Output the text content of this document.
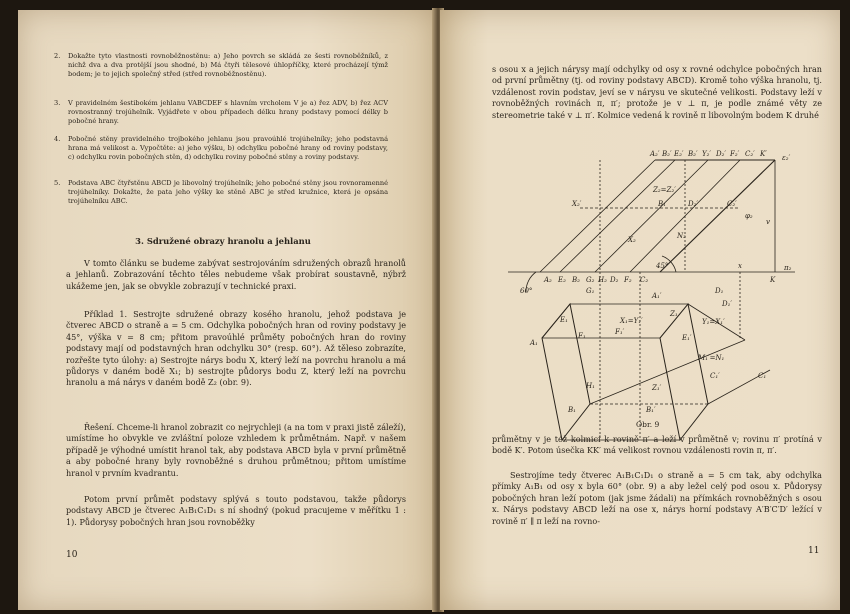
2. Dokažte tyto vlastnosti rovnoběžnostěnu: a) Jeho povrch se skládá ze šesti rovnoběžníků, z nichž dva a dva protější jsou shodné, b) Má čtyři tělesové úhlopříčky, které procházejí týmž bodem; je to jejich společný střed (střed rovnoběžnostěnu).
3. V pravidelném šestibokém jehlanu VABCDEF s hlavním vrcholem V je a) řez ADV, b) řez ACV rovnostranný trojúhelník. Vyjádřete v obou případech délku hrany podstavy pomocí délky b pobočné hrany.
4. Pobočné stěny pravidelného trojbokého jehlanu jsou pravoúhlé trojúhelníky; jeho podstavná hrana má velikost a. Vypočtěte: a) jeho výšku, b) odchylku pobočné hrany od roviny podstavy, c) odchylku rovin pobočných stěn, d) odchylku roviny pobočné stěny a roviny podstavy.
5. Podstava ABC čtyřstěnu ABCD je libovolný trojúhelník; jeho pobočné stěny jsou rovnoramenné trojúhelníky. Dokažte, že pata jeho výšky ke stěně ABC je střed kružnice, která je opsána trojúhelníku ABC.
3. Sdružené obrazy hranolu a jehlanu
V tomto článku se budeme zabývat sestrojováním sdružených obrazů hranolů a jehlanů. Zobrazování těchto těles nebudeme však probírat soustavně, nýbrž ukážeme jen, jak se obvykle zobrazují v technické praxi.
Příklad 1. Sestrojte sdružené obrazy kosého hranolu, jehož podstava je čtverec ABCD o straně a = 5 cm. Odchylka pobočných hran od roviny podstavy je 45°, výška v = 8 cm; přitom pravoúhlé průměty pobočných hran do roviny podstavy mají od podstavných hran odchylku 30° (resp. 60°). Až těleso zobrazíte, rozřešte tyto úlohy: a) Sestrojte nárys bodu X, který leží na povrchu hranolu a má půdorys v daném bodě X₁; b) sestrojte půdorys bodu Z, který leží na povrchu hranolu a má nárys v daném bodě Z₂ (obr. 9).
Řešení. Chceme-li hranol zobrazit co nejrychleji (a na tom v praxi jistě záleží), umístíme ho obvykle ve zvláštní poloze vzhledem k průmětnám. Např. v našem případě je výhodné umístit hranol tak, aby podstava ABCD byla v první průmětně a aby pobočné hrany byly rovnoběžné s druhou průmětnou; přitom umístíme hranol v prvním kvadrantu.
Potom první průmět podstavy splývá s touto podstavou, takže půdorys podstavy ABCD je čtverec A₁B₁C₁D₁ s ní shodný (pokud pracujeme v měřítku 1 : 1). Půdorysy pobočných hran jsou rovnoběžky
10
s osou x a jejich nárysy mají odchylky od osy x rovné odchylce pobočných hran od první průmětny (tj. od roviny podstavy ABCD). Kromě toho výška hranolu, tj. vzdálenost rovin podstav, jeví se v nárysu ve skutečné velikosti. Podstavy leží v rovnoběžných rovinách π, π′; protože je v ⊥ π, je podle známé věty ze stereometrie také v ⊥ π′. Kolmice vedená k rovině π libovolným bodem K druhé
A₂′ B₂′ E₂′ B₂′ Y₂′ D₂′ F₂′ C₂′ K′ ε₂′
X₂′
Z₂=Z₂′
B₁′	D₂′	C₂′
φ₂
N₂
X₂
v
60°
A₂ E₂ B₂ G₂ H₂ D₂ F₂ C₂
45°	x
K
π₂
A₁′
D₁′
E₁
F₁′
X₁=Y₁′
Z₁
Y₁=X₁′
A₁
F₁	E₁′
M₁′=N₁
C₁′	C₁
H₁	Z₁′
B₁	B₁′
G₁	D₁
Obr. 9
průmětny v je též kolmicí k rovině π′ a leží v průmětně v; rovinu π′ protíná v bodě K′. Potom úsečka KK′ má velikost rovnou vzdálenosti rovin π, π′.
Sestrojíme tedy čtverec A₁B₁C₁D₁ o straně a = 5 cm tak, aby odchylka přímky A₁B₁ od osy x byla 60° (obr. 9) a aby ležel celý pod osou x. Půdorysy pobočných hran leží potom (jak jsme žádali) na přímkách rovnoběžných s osou x. Nárys podstavy ABCD leží na ose x, nárys horní podstavy A′B′C′D′ ležící v rovině π′ ∥ π leží na rovno-
11
